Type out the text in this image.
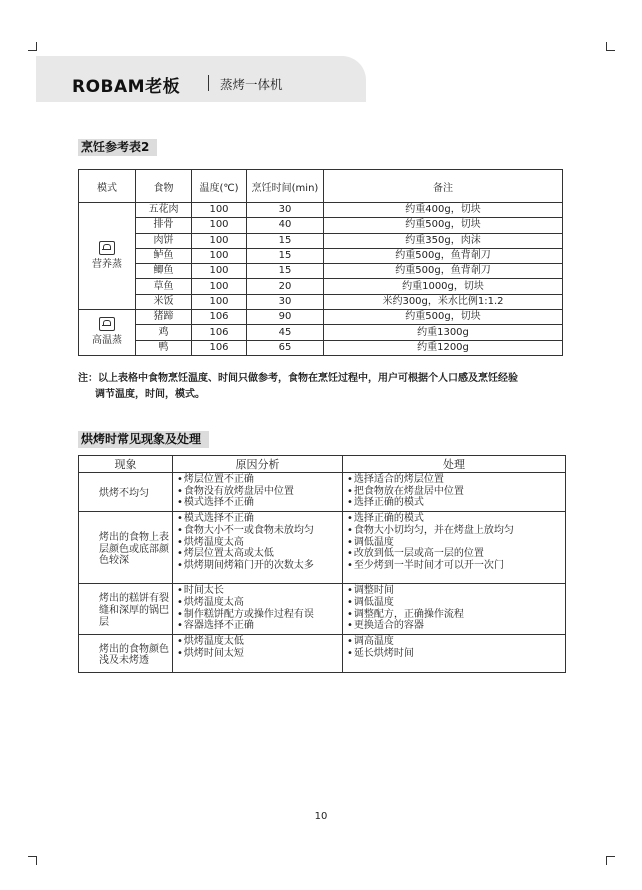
ROBAM老板	蒸烤一体机
烹饪参考表2
模式	食物	温度(℃)	烹饪时间(min)	备注

营养蒸	五花肉	100	30	约重400g，切块
	排骨	100	40	约重500g，切块
	肉饼	100	15	约重350g，肉沫
	鲈鱼	100	15	约重500g，鱼背剞刀
	鲫鱼	100	15	约重500g，鱼背剞刀
	草鱼	100	20	约重1000g，切块
	米饭	100	30	米约300g，米水比例1:1.2

高温蒸	猪蹄	106	90	约重500g，切块
	鸡	106	45	约重1300g
	鸭	106	65	约重1200g
注：以上表格中食物烹饪温度、时间只做参考，食物在烹饪过程中，用户可根据个人口感及烹饪经验
调节温度，时间，模式。
烘烤时常见现象及处理
现象	原因分析	处理
烘烤不均匀	• 烤层位置不正确
• 食物没有放烤盘居中位置
• 模式选择不正确	• 选择适合的烤层位置
• 把食物放在烤盘居中位置
• 选择正确的模式

烤出的食物上表层颜色或底部颜色较深	• 模式选择不正确
• 食物大小不一或食物未放均匀
• 烘烤温度太高
• 烤层位置太高或太低
• 烘烤期间烤箱门开的次数太多	• 选择正确的模式
• 食物大小切均匀，并在烤盘上放均匀
• 调低温度
• 改放到低一层或高一层的位置
• 至少烤到一半时间才可以开一次门

烤出的糕饼有裂缝和深厚的锅巴层	• 时间太长
• 烘烤温度太高
• 制作糕饼配方或操作过程有误
• 容器选择不正确	• 调整时间
• 调低温度
• 调整配方，正确操作流程
• 更换适合的容器

烤出的食物颜色浅及未烤透	• 烘烤温度太低
• 烘烤时间太短	• 调高温度
• 延长烘烤时间
10
